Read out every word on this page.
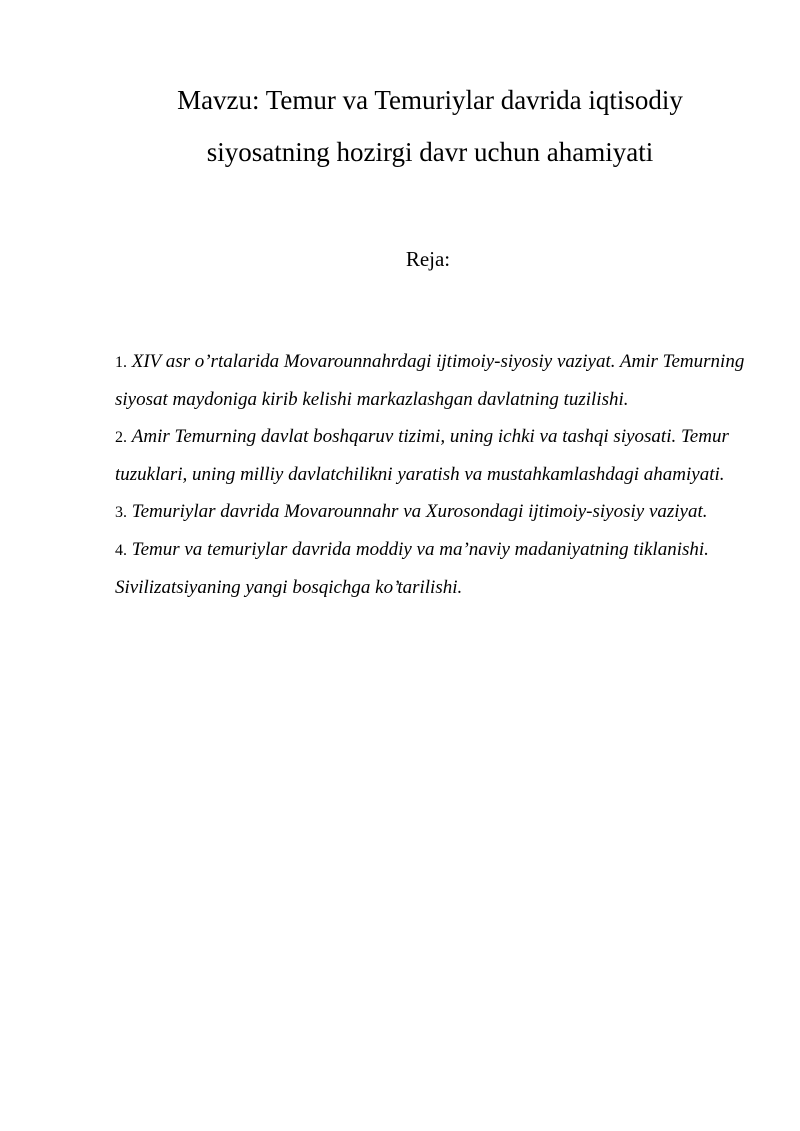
Mavzu: Temur va Temuriylar davrida iqtisodiy
siyosatning hozirgi davr uchun ahamiyati
Reja:
1. XIV asr o’rtalarida Movarounnahrdagi ijtimoiy-siyosiy vaziyat. Amir Temurning siyosat maydoniga kirib kelishi markazlashgan davlatning tuzilishi.
2. Amir Temurning davlat boshqaruv tizimi, uning ichki va tashqi siyosati. Temur tuzuklari, uning milliy davlatchilikni yaratish va mustahkamlashdagi ahamiyati.
3. Temuriylar davrida Movarounnahr va Xurosondagi ijtimoiy-siyosiy vaziyat.
4. Temur va temuriylar davrida moddiy va ma’naviy madaniyatning tiklanishi. Sivilizatsiyaning yangi bosqichga ko’tarilishi.
